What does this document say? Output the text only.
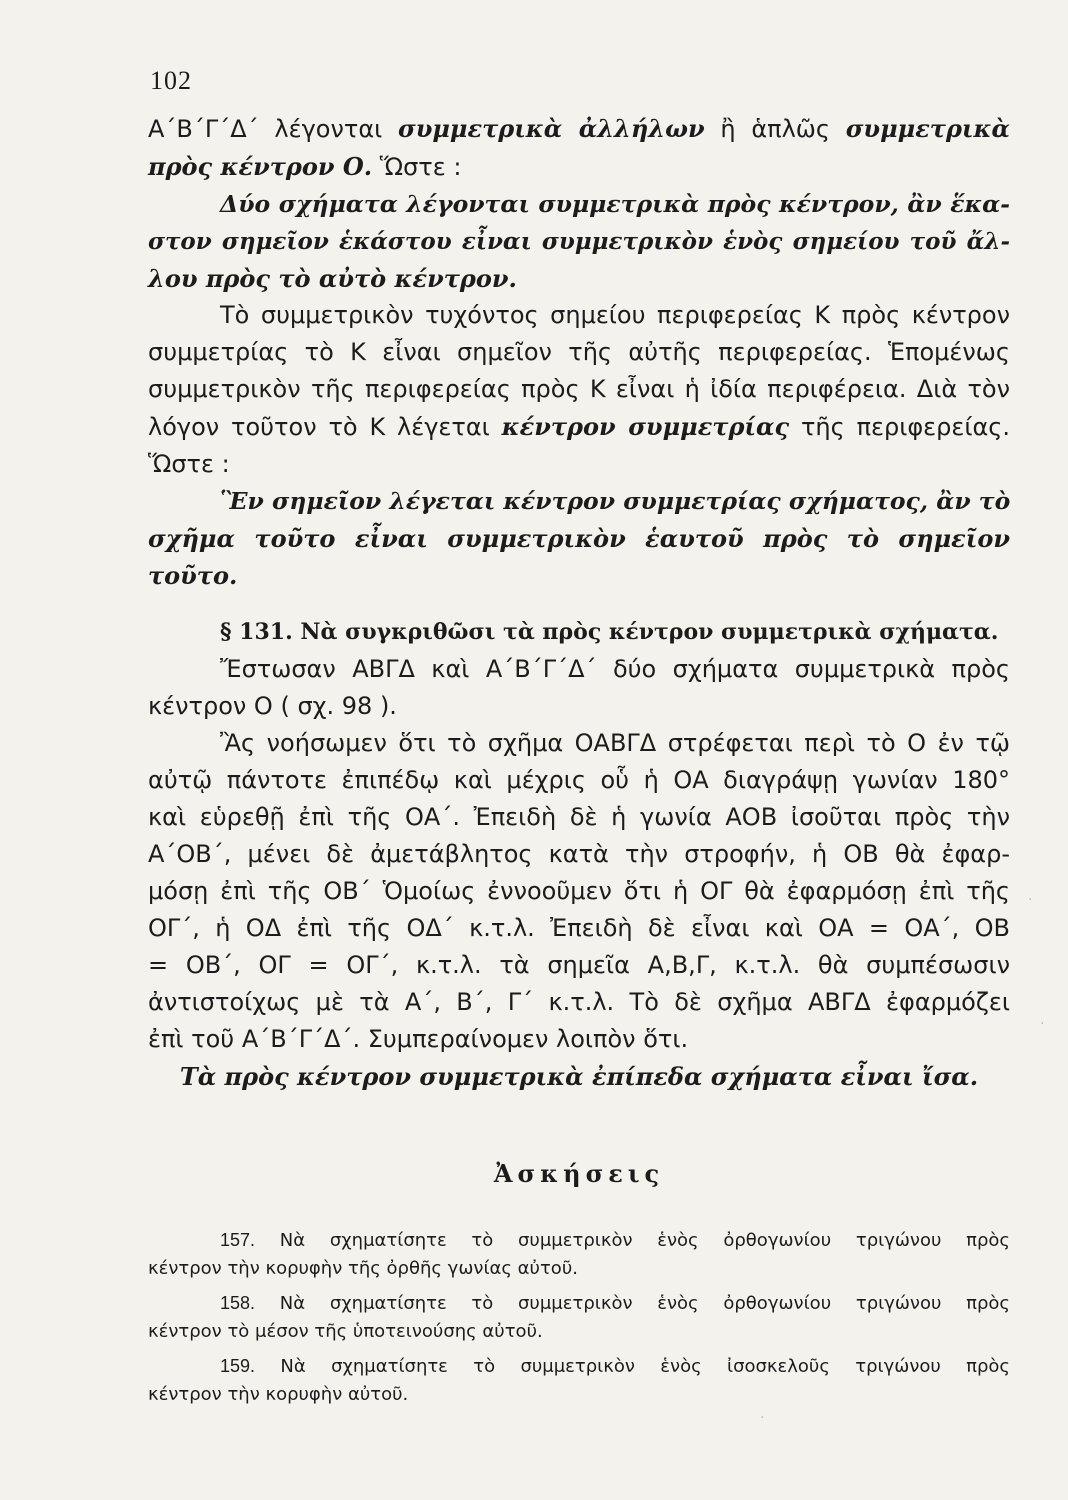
102
Α΄Β΄Γ΄Δ΄ λέγονται συμμετρικὰ ἀλλήλων ἢ ἁπλῶς συμμετρικὰ
πρὸς κέντρον Ο. Ὥστε :
Δύο σχήματα λέγονται συμμετρικὰ πρὸς κέντρον, ἂν ἕκα-
στον σημεῖον ἑκάστου εἶναι συμμετρικὸν ἑνὸς σημείου τοῦ ἄλ-
λου πρὸς τὸ αὐτὸ κέντρον.
Τὸ συμμετρικὸν τυχόντος σημείου περιφερείας Κ πρὸς κέντρον
συμμετρίας τὸ Κ εἶναι σημεῖον τῆς αὐτῆς περιφερείας. Ἑπομένως
συμμετρικὸν τῆς περιφερείας πρὸς Κ εἶναι ἡ ἰδία περιφέρεια. Διὰ τὸν
λόγον τοῦτον τὸ Κ λέγεται κέντρον συμμετρίας τῆς περιφερείας.
Ὥστε :
Ἓν σημεῖον λέγεται κέντρον συμμετρίας σχήματος, ἂν τὸ
σχῆμα τοῦτο εἶναι συμμετρικὸν ἑαυτοῦ πρὸς τὸ σημεῖον
τοῦτο.
§ 131. Νὰ συγκριθῶσι τὰ πρὸς κέντρον συμμετρικὰ σχήματα.
Ἔστωσαν ΑΒΓΔ καὶ Α΄Β΄Γ΄Δ΄ δύο σχήματα συμμετρικὰ πρὸς
κέντρον Ο ( σχ. 98 ).
Ἂς νοήσωμεν ὅτι τὸ σχῆμα ΟΑΒΓΔ στρέφεται περὶ τὸ Ο ἐν τῷ
αὐτῷ πάντοτε ἐπιπέδῳ καὶ μέχρις οὗ ἡ ΟΑ διαγράψῃ γωνίαν 180°
καὶ εὑρεθῇ ἐπὶ τῆς ΟΑ΄. Ἐπειδὴ δὲ ἡ γωνία ΑΟΒ ἰσοῦται πρὸς τὴν
Α΄ΟΒ΄, μένει δὲ ἀμετάβλητος κατὰ τὴν στροφήν, ἡ ΟΒ θὰ ἐφαρ-
μόσῃ ἐπὶ τῆς ΟΒ΄ Ὁμοίως ἐννοοῦμεν ὅτι ἡ ΟΓ θὰ ἐφαρμόσῃ ἐπὶ τῆς
ΟΓ΄, ἡ ΟΔ ἐπὶ τῆς ΟΔ΄ κ.τ.λ. Ἐπειδὴ δὲ εἶναι καὶ ΟΑ = ΟΑ΄, ΟΒ
= ΟΒ΄, ΟΓ = ΟΓ΄, κ.τ.λ. τὰ σημεῖα Α,Β,Γ, κ.τ.λ. θὰ συμπέσωσιν
ἀντιστοίχως μὲ τὰ Α΄, Β΄, Γ΄ κ.τ.λ. Τὸ δὲ σχῆμα ΑΒΓΔ ἐφαρμόζει
ἐπὶ τοῦ Α΄Β΄Γ΄Δ΄. Συμπεραίνομεν λοιπὸν ὅτι.
Τὰ πρὸς κέντρον συμμετρικὰ ἐπίπεδα σχήματα εἶναι ἴσα.
Ἀσκήσεις
157. Νὰ σχηματίσητε τὸ συμμετρικὸν ἑνὸς ὀρθογωνίου τριγώνου πρὸς
κέντρον τὴν κορυφὴν τῆς ὀρθῆς γωνίας αὐτοῦ.
158. Νὰ σχηματίσητε τὸ συμμετρικὸν ἑνὸς ὀρθογωνίου τριγώνου πρὸς
κέντρον τὸ μέσον τῆς ὑποτεινούσης αὐτοῦ.
159. Νὰ σχηματίσητε τὸ συμμετρικὸν ἑνὸς ἰσοσκελοῦς τριγώνου πρὸς
κέντρον τὴν κορυφὴν αὐτοῦ.
·
·
·
